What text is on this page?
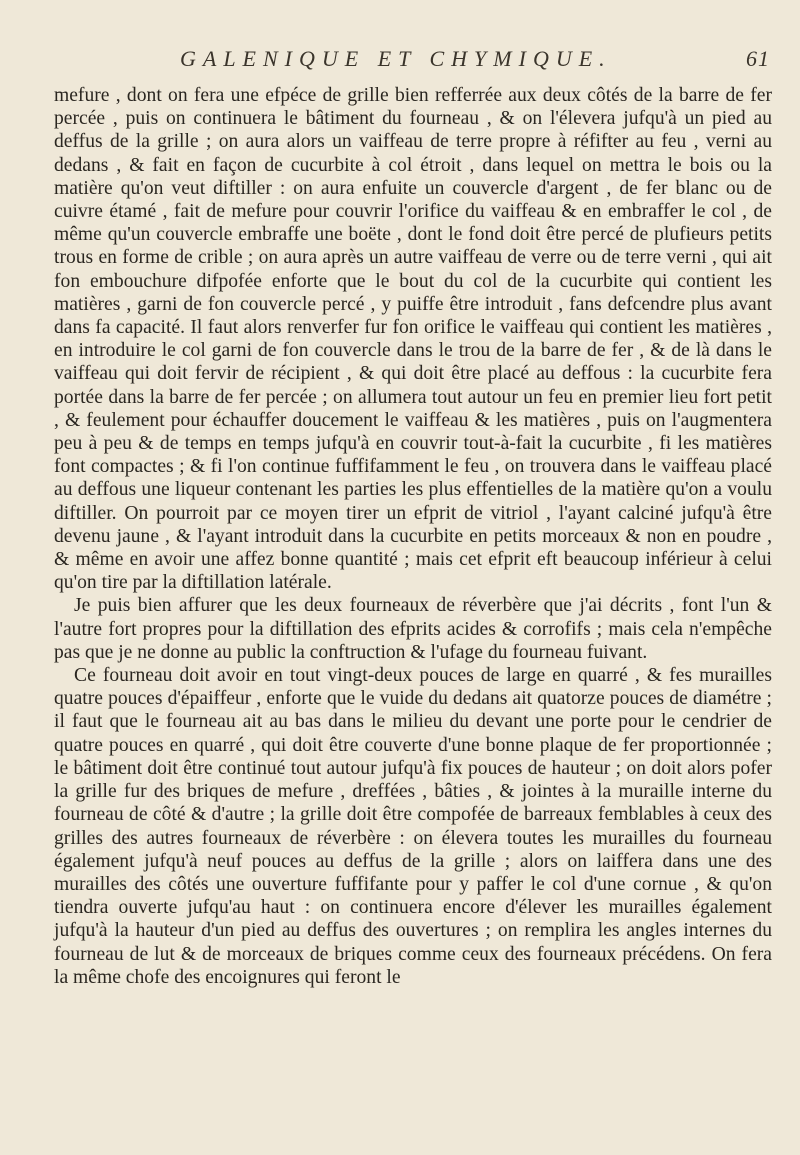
GALENIQUE ET CHYMIQUE.	61

mefure , dont on fera une efpéce de grille bien refferrée aux deux côtés de la barre de fer percée , puis on continuera le bâtiment du fourneau , & on l'élevera jufqu'à un pied au deffus de la grille ; on aura alors un vaiffeau de terre propre à réfifter au feu , verni au dedans , & fait en façon de cucurbite à col étroit , dans lequel on mettra le bois ou la matière qu'on veut diftiller : on aura enfuite un couvercle d'argent , de fer blanc ou de cuivre étamé , fait de mefure pour couvrir l'orifice du vaiffeau & en embraffer le col , de même qu'un couvercle embraffe une boëte , dont le fond doit être percé de plufieurs petits trous en forme de crible ; on aura après un autre vaiffeau de verre ou de terre verni , qui ait fon embouchure difpofée enforte que le bout du col de la cucurbite qui contient les matières , garni de fon couvercle percé , y puiffe être introduit , fans defcendre plus avant dans fa capacité. Il faut alors renverfer fur fon orifice le vaiffeau qui contient les matières , en introduire le col garni de fon couvercle dans le trou de la barre de fer , & de là dans le vaiffeau qui doit fervir de récipient , & qui doit être placé au deffous : la cucurbite fera portée dans la barre de fer percée ; on allumera tout autour un feu en premier lieu fort petit , & feulement pour échauffer doucement le vaiffeau & les matières , puis on l'augmentera peu à peu & de temps en temps jufqu'à en couvrir tout-à-fait la cucurbite , fi les matières font compactes ; & fi l'on continue fuffifamment le feu , on trouvera dans le vaiffeau placé au deffous une liqueur contenant les parties les plus effentielles de la matière qu'on a voulu diftiller. On pourroit par ce moyen tirer un efprit de vitriol , l'ayant calciné jufqu'à être devenu jaune , & l'ayant introduit dans la cucurbite en petits morceaux & non en poudre , & même en avoir une affez bonne quantité ; mais cet efprit eft beaucoup inférieur à celui qu'on tire par la diftillation latérale.

Je puis bien affurer que les deux fourneaux de réverbère que j'ai décrits , font l'un & l'autre fort propres pour la diftillation des efprits acides & corrofifs ; mais cela n'empêche pas que je ne donne au public la conftruction & l'ufage du fourneau fuivant.

Ce fourneau doit avoir en tout vingt-deux pouces de large en quarré , & fes murailles quatre pouces d'épaiffeur , enforte que le vuide du dedans ait quatorze pouces de diamétre ; il faut que le fourneau ait au bas dans le milieu du devant une porte pour le cendrier de quatre pouces en quarré , qui doit être couverte d'une bonne plaque de fer proportionnée ; le bâtiment doit être continué tout autour jufqu'à fix pouces de hauteur ; on doit alors pofer la grille fur des briques de mefure , dreffées , bâties , & jointes à la muraille interne du fourneau de côté & d'autre ; la grille doit être compofée de barreaux femblables à ceux des grilles des autres fourneaux de réverbère : on élevera toutes les murailles du fourneau également jufqu'à neuf pouces au deffus de la grille ; alors on laiffera dans une des murailles des côtés une ouverture fuffifante pour y paffer le col d'une cornue , & qu'on tiendra ouverte jufqu'au haut : on continuera encore d'élever les murailles également jufqu'à la hauteur d'un pied au deffus des ouvertures ; on remplira les angles internes du fourneau de lut & de morceaux de briques comme ceux des fourneaux précédens. On fera la même chofe des encoignures qui feront le
